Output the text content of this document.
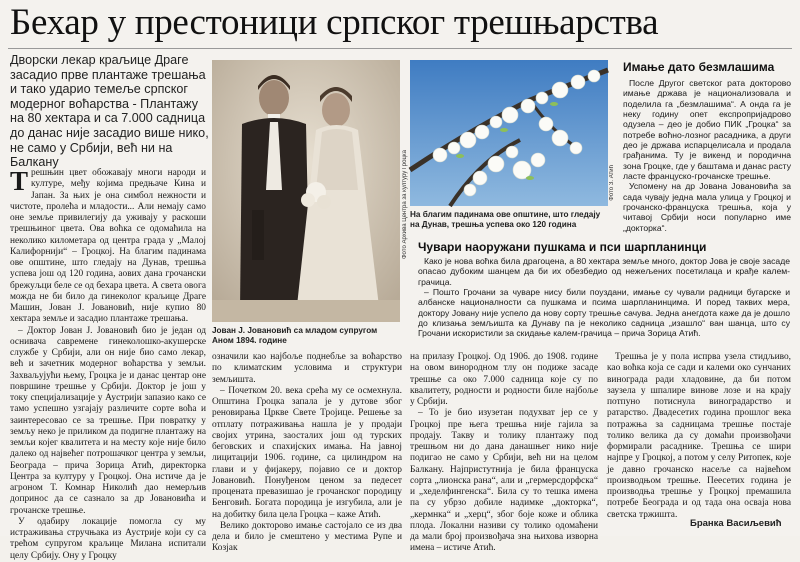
Бехар у престоници српског трешњарства
Дворски лекар краљице Драге засадио прве плантаже трешања и тако ударио темеље српског модерног воћарства - Плантажу на 80 хектара и са 7.000 садница до данас није засадио више нико, не само у Србији, већ ни на Балкану

Трешњин цвет обожавају многи народи и културе, међу којима предњаче Кина и Јапан. За њих је она симбол нежности и чистоте, пролећа и младости... Али немају само оне земље привилегију да уживају у раскоши трешњиног цвета. Ова воћка се одомаћила на неколико километара од центра града у „Малој Калифорнији“ – Гроцкој. На благим падинама ове општине, што гледају на Дунав, трешња успева још од 120 година, аових дана грочански брежуљци беле се од бехара цвета. А света овога можда не би било да гинеколог краљице Драге Машин, Јован Ј. Јовановић, није купио 80 хектара земље и засадио плантаже трешања.

– Доктор Јован Ј. Јовановић био је један од оснивача савремене гинеколошко-акушерске службе у Србији, али он није био само лекар, већ и зачетник модерног воћарства у земљи. Захваљујући њему, Гроцка је и данас центар оне површине трешње у Србији. Доктор је још у току специјализације у Аустрији запазио како се тамо успешно узгајају различите сорте воћа и заинтересовао се за трешње. При повратку у земљу неко је приликом да подигне плантажу на земљи којег квалитета и на месту које није било далеко од највећег потрошачког центра у земљи, Београда – прича Зорица Атић, директорка Центра за културу у Гроцкој. Она истиче да је агроном Т. Комнар Николић дао немерљив допринос да се сазнало за др Јовановића и грочанске трешње.

У одабиру локације помогла су му истраживања стручњака из Аустрије који су са трећом супругом краљице Милана испитали целу Србију. Ону у Гроцку

Фото Архива Центра за културу Гроцка
Јован Ј. Јовановић са младом супругом Аном 1894. године

означили као најбоље поднебље за воћарство по климатским условима и структури земљишта.

– Почетком 20. века срећа му се осмехнула. Општина Гроцка запала је у дутове због реновирања Цркве Свете Тројице. Решење за отплату потраживања нашла је у продаји својих утрина, заосталих још од турских беговских и спахијских имања. На јавној лицитацији 1906. године, са цилиндром на глави и у фијакеру, појавио се и доктор Јовановић. Понуђеном ценом за педесет процената превазишао је грочанског породицу Бенговић. Богата породица је изгубила, али је на добитку била цела Гроцка – каже Атић.

Велико докторово имање састојало се из два дела и било је смештено у местима Рупе и Козјак

Фото З. Атић
На благим падинама ове општине, што гледају на Дунав, трешња успева око 120 година
Имање дато безмлашима

После Другог светског рата докторово имање држава је национализовала и поделила га „безмлашима“. А онда га је неку годину опет експропријадрово одузела – део је добио ПИК „Гроцка“ за потребе воћно-лозног расадника, а други део је држава испарцелисала и продала грађанима. Ту је викенд и породична зона Гроцке, где у баштама и данас расту ласте француско-грочанске трешње.

Успомену на др Јована Јовановића за сада чувају једна мала улица у Гроцкој и грочанско-француска трешња, која у читавој Србији носи популарно име „докторка“.

Чувари наоружани пушкама и пси шарпланинци

Како је нова воћка била драгоцена, а 80 хектара земље много, доктор Јова је своје засаде опасао дубоким шанцем да би их обезбедио од нежељених посетилаца и крађе калем-грачица.

– Пошто Грочани за чуваре нису били поуздани, имање су чували радници бугарске и албанске националности са пушкама и псима шарпланинцима. И поред таквих мера, доктору Јовану није успело да нову сорту трешње сачува. Једна анегдота каже да је дошло до клизања земљишта ка Дунаву па је неколико садница „изашло“ ван шанца, што су Грочани искористили за скидање калем-грачица – прича Зорица Атић.

на прилазу Гроцкој. Од 1906. до 1908. године на овом винородном тлу он подиже засаде трешње са око 7.000 садница које су по квалитету, родности и родности биле најбоље у Србији.

– То је био изузетан подухват јер се у Гроцкој пре њега трешња није гајила за продају. Такву и толику плантажу под трешњом ни до дана данашњег нико није подигао не само у Србији, већ ни на целом Балкану. Најпристутнија је била француска сорта „лионска рана“, али и „гермерсдорфска“ и „хеделфингенска“. Била су то тешка имена па су убрзо добиле надимке „докторка“, „кермнка“ и „херц“, због боје коже и облика плода. Локални називи су толико одомаћени да мали број произвођача зна њихова изворна имена – истиче Атић.

Трешња је у пола испрва узела стидљиво, као воћка која се сади и калеми око сунчаних виноградa ради хладовине, да би потом заузела у шпалире винове лозе и на крају потпуно потиснула виноградарство и ратарство. Двадесетих година прошлог века потражња за садницама трешње постаје толико велика да су домаћи произвођачи формирали расаднике. Трешња се шири најпре у Гроцкој, а потом у селу Ритопек, које је давно грочанско насеље са највећом производњом трешње. Пеесетих година је производња трешње у Гроцкој премашила потребе Београда и од тада она освaja нова светска тржишта.

Бранка Васиљевић
